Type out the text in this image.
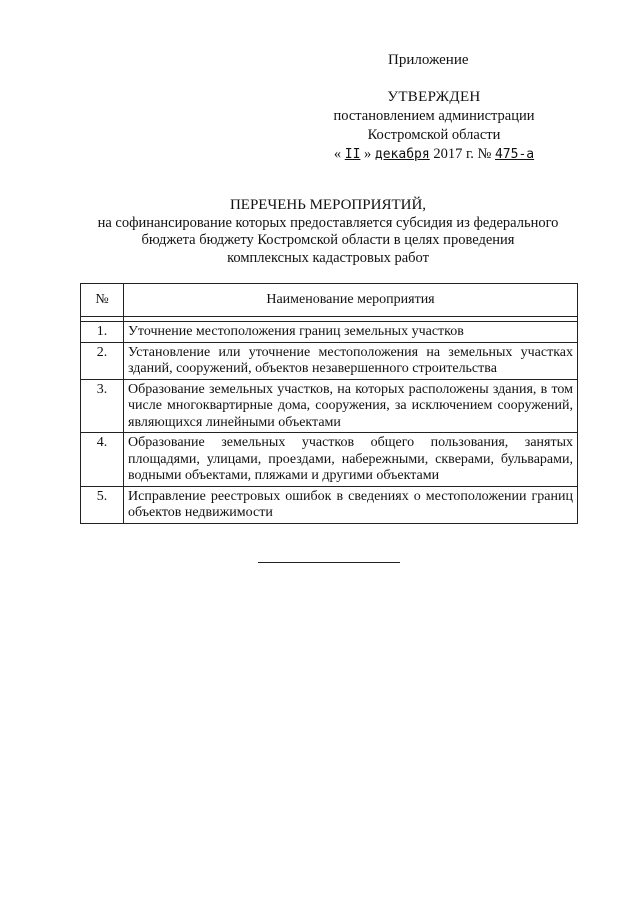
Приложение
УТВЕРЖДЕН
постановлением администрации
Костромской области
« II » декабря 2017 г. № 475-а
ПЕРЕЧЕНЬ МЕРОПРИЯТИЙ,
на софинансирование которых предоставляется субсидия из федерального
бюджета бюджету Костромской области в целях проведения
комплексных кадастровых работ
№	Наименование мероприятия

1.	Уточнение местоположения границ земельных участков
2.	Установление или уточнение местоположения на земельных участках зданий, сооружений, объектов незавершенного строительства
3.	Образование земельных участков, на которых расположены здания, в том числе многоквартирные дома, сооружения, за исключением сооружений, являющихся линейными объектами
4.	Образование земельных участков общего пользования, занятых площадями, улицами, проездами, набережными, скверами, бульварами, водными объектами, пляжами и другими объектами
5.	Исправление реестровых ошибок в сведениях о местоположении границ объектов недвижимости
